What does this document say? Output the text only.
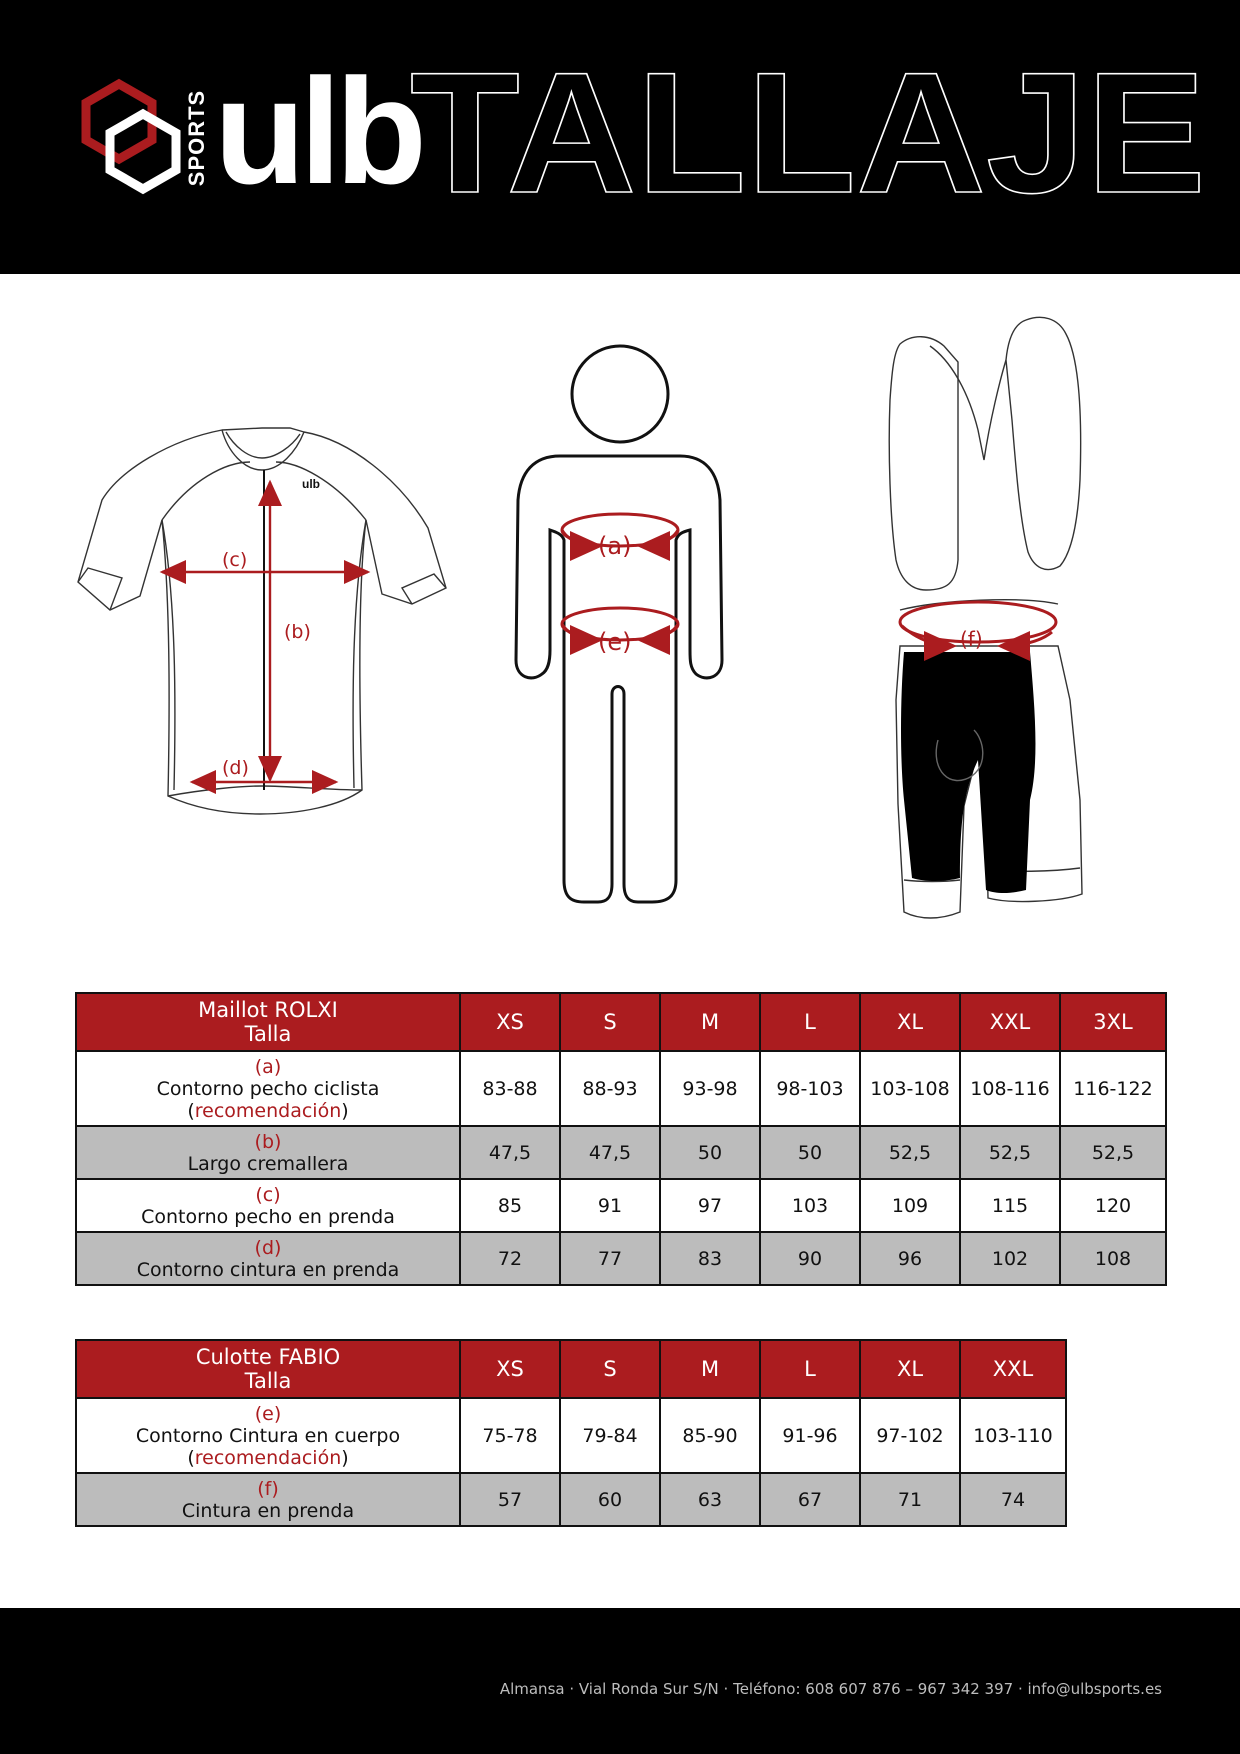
SPORTS ulb
TALLAJE
ulb
(c)
(b)
(d)
(a)
(e)	(f)
Maillot ROLXI
Talla	XS	S	M	L	XL	XXL	3XL

(a)
Contorno pecho ciclista
(recomendación)	83-88	88-93	93-98	98-103	103-108	108-116	116-122

(b)
Largo cremallera	47,5	47,5	50	50	52,5	52,5	52,5

(c)
Contorno pecho en prenda	85	91	97	103	109	115	120

(d)
Contorno cintura en prenda	72	77	83	90	96	102	108
Culotte FABIO
Talla	XS	S	M	L	XL	XXL

(e)
Contorno Cintura en cuerpo
(recomendación)	75-78	79-84	85-90	91-96	97-102	103-110

(f)
Cintura en prenda	57	60	63	67	71	74
Almansa · Vial Ronda Sur S/N · Teléfono: 608 607 876 – 967 342 397 · info@ulbsports.es
